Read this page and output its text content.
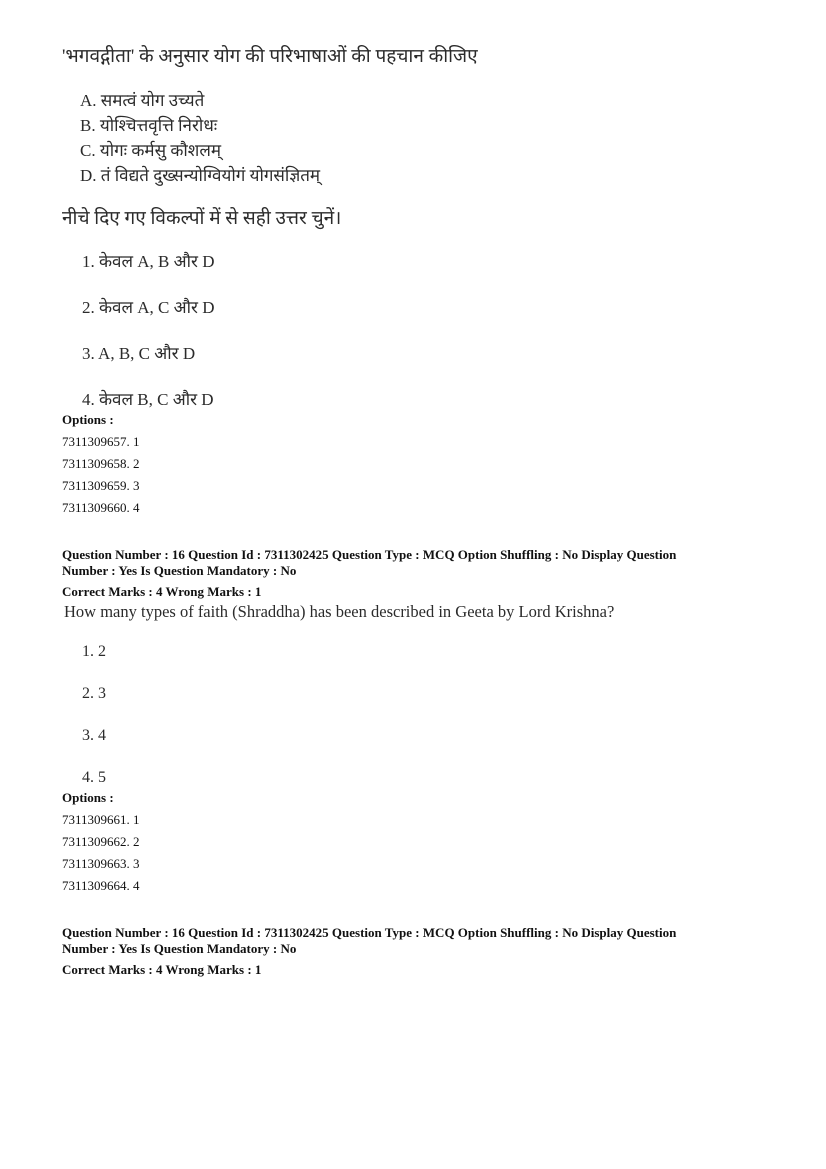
'भगवद्गीता' के अनुसार योग की परिभाषाओं की पहचान कीजिए
A. समत्वं योग उच्यते
B. योश्चित्तवृत्ति निरोधः
C. योगः कर्मसु कौशलम्
D. तं विद्यते दुख्सन्योग्वियोगं योगसंज्ञितम्
नीचे दिए गए विकल्पों में से सही उत्तर चुनें।
1. केवल A, B और D
2. केवल A, C और D
3. A, B, C और D
4. केवल B, C और D
Options :
7311309657. 1
7311309658. 2
7311309659. 3
7311309660. 4
Question Number : 16 Question Id : 7311302425 Question Type : MCQ Option Shuffling : No Display Question
Number : Yes Is Question Mandatory : No
Correct Marks : 4 Wrong Marks : 1
How many types of faith (Shraddha) has been described in Geeta by Lord Krishna?
1. 2
2. 3
3. 4
4. 5
Options :
7311309661. 1
7311309662. 2
7311309663. 3
7311309664. 4
Question Number : 16 Question Id : 7311302425 Question Type : MCQ Option Shuffling : No Display Question
Number : Yes Is Question Mandatory : No
Correct Marks : 4 Wrong Marks : 1
